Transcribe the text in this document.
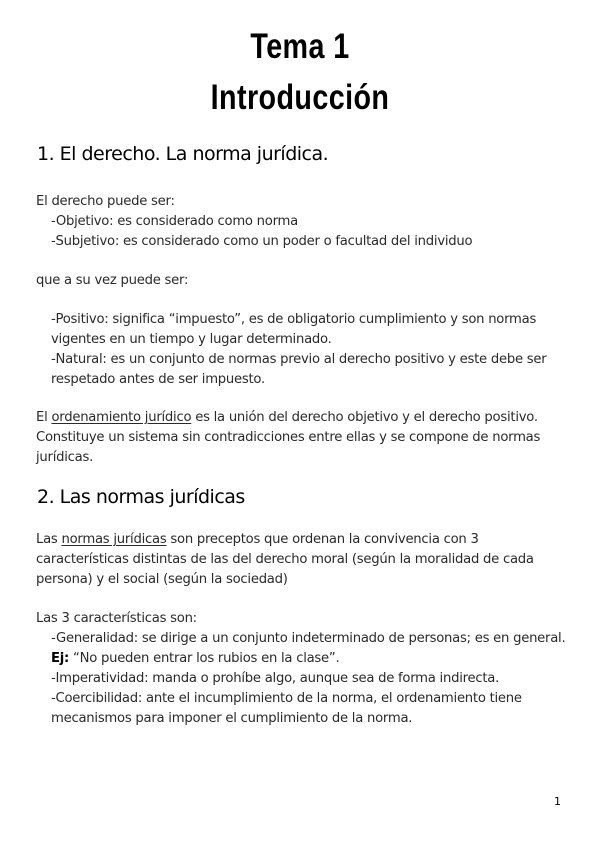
Tema 1
Introducción
1. El derecho. La norma jurídica.
El derecho puede ser:
-Objetivo: es considerado como norma
-Subjetivo: es considerado como un poder o facultad del individuo
que a su vez puede ser:
-Positivo: significa “impuesto”, es de obligatorio cumplimiento y son normas
vigentes en un tiempo y lugar determinado.
-Natural: es un conjunto de normas previo al derecho positivo y este debe ser
respetado antes de ser impuesto.
El ordenamiento jurídico es la unión del derecho objetivo y el derecho positivo.
Constituye un sistema sin contradicciones entre ellas y se compone de normas
jurídicas.
2. Las normas jurídicas
Las normas jurídicas son preceptos que ordenan la convivencia con 3
características distintas de las del derecho moral (según la moralidad de cada
persona) y el social (según la sociedad)
Las 3 características son:
-Generalidad: se dirige a un conjunto indeterminado de personas; es en general.
Ej: “No pueden entrar los rubios en la clase”.
-Imperatividad: manda o prohíbe algo, aunque sea de forma indirecta.
-Coercibilidad: ante el incumplimiento de la norma, el ordenamiento tiene
mecanismos para imponer el cumplimiento de la norma.
1
